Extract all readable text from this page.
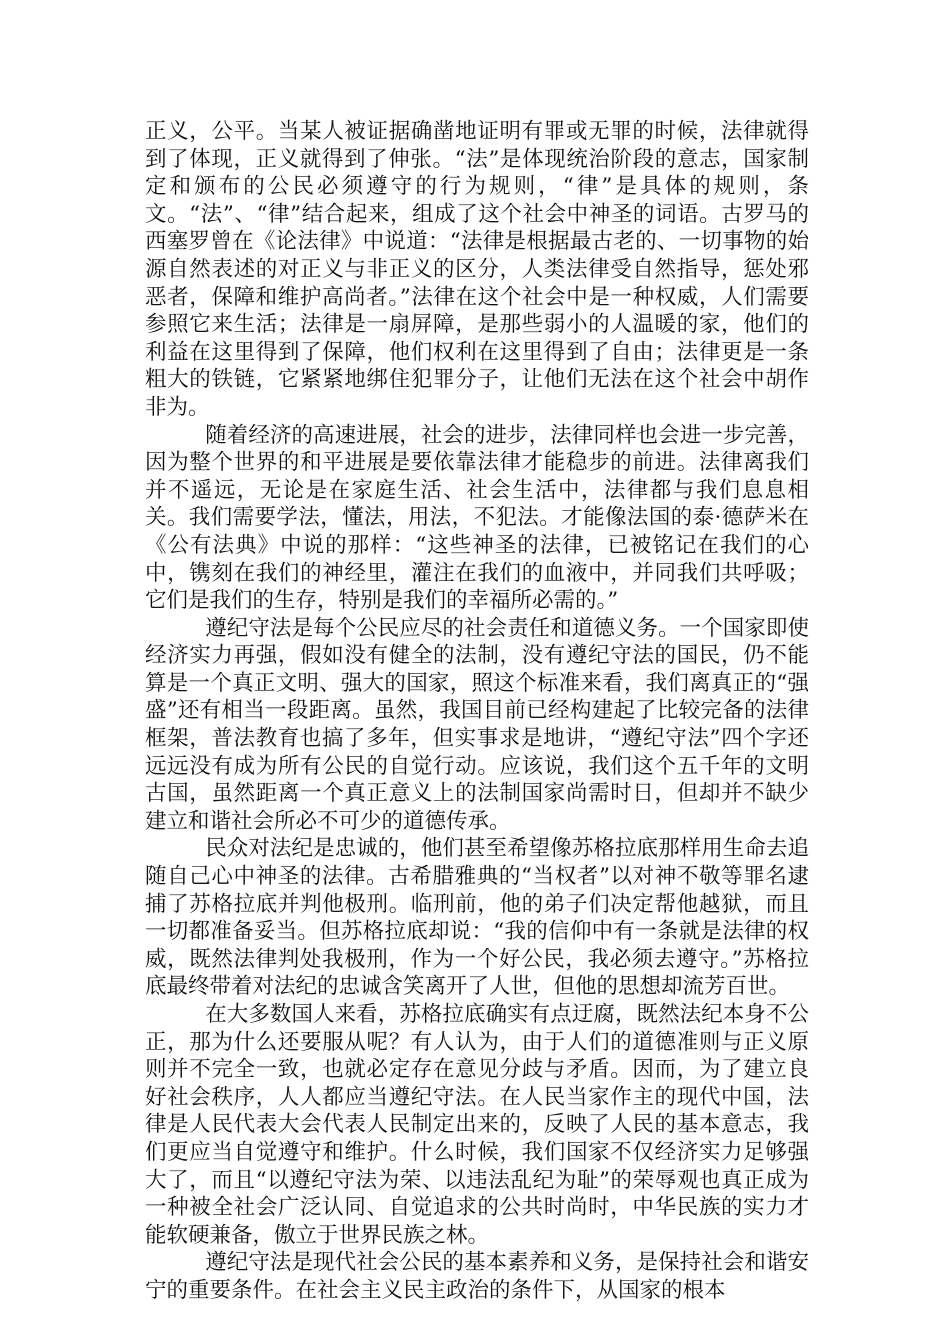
正义，公平。当某人被证据确凿地证明有罪或无罪的时候，法律就得到了体现，正义就得到了伸张。“法”是体现统治阶段的意志，国家制定和颁布的公民必须遵守的行为规则，“律”是具体的规则，条文。“法”、“律”结合起来，组成了这个社会中神圣的词语。古罗马的西塞罗曾在《论法律》中说道：“法律是根据最古老的、一切事物的始源自然表述的对正义与非正义的区分，人类法律受自然指导，惩处邪恶者，保障和维护高尚者。”法律在这个社会中是一种权威，人们需要参照它来生活；法律是一扇屏障，是那些弱小的人温暖的家，他们的利益在这里得到了保障，他们权利在这里得到了自由；法律更是一条粗大的铁链，它紧紧地绑住犯罪分子，让他们无法在这个社会中胡作非为。

随着经济的高速进展，社会的进步，法律同样也会进一步完善，因为整个世界的和平进展是要依靠法律才能稳步的前进。法律离我们并不遥远，无论是在家庭生活、社会生活中，法律都与我们息息相关。我们需要学法，懂法，用法，不犯法。才能像法国的泰·德萨米在《公有法典》中说的那样：“这些神圣的法律，已被铭记在我们的心中，镌刻在我们的神经里，灌注在我们的血液中，并同我们共呼吸；它们是我们的生存，特别是我们的幸福所必需的。”

遵纪守法是每个公民应尽的社会责任和道德义务。一个国家即使经济实力再强，假如没有健全的法制，没有遵纪守法的国民，仍不能算是一个真正文明、强大的国家，照这个标准来看，我们离真正的“强盛”还有相当一段距离。虽然，我国目前已经构建起了比较完备的法律框架，普法教育也搞了多年，但实事求是地讲，“遵纪守法”四个字还远远没有成为所有公民的自觉行动。应该说，我们这个五千年的文明古国，虽然距离一个真正意义上的法制国家尚需时日，但却并不缺少建立和谐社会所必不可少的道德传承。

民众对法纪是忠诚的，他们甚至希望像苏格拉底那样用生命去追随自己心中神圣的法律。古希腊雅典的“当权者”以对神不敬等罪名逮捕了苏格拉底并判他极刑。临刑前，他的弟子们决定帮他越狱，而且一切都准备妥当。但苏格拉底却说：“我的信仰中有一条就是法律的权威，既然法律判处我极刑，作为一个好公民，我必须去遵守。”苏格拉底最终带着对法纪的忠诚含笑离开了人世，但他的思想却流芳百世。

在大多数国人来看，苏格拉底确实有点迂腐，既然法纪本身不公正，那为什么还要服从呢？有人认为，由于人们的道德准则与正义原则并不完全一致，也就必定存在意见分歧与矛盾。因而，为了建立良好社会秩序，人人都应当遵纪守法。在人民当家作主的现代中国，法律是人民代表大会代表人民制定出来的，反映了人民的基本意志，我们更应当自觉遵守和维护。什么时候，我们国家不仅经济实力足够强大了，而且“以遵纪守法为荣、以违法乱纪为耻”的荣辱观也真正成为一种被全社会广泛认同、自觉追求的公共时尚时，中华民族的实力才能软硬兼备，傲立于世界民族之林。

遵纪守法是现代社会公民的基本素养和义务，是保持社会和谐安宁的重要条件。在社会主义民主政治的条件下，从国家的根本
